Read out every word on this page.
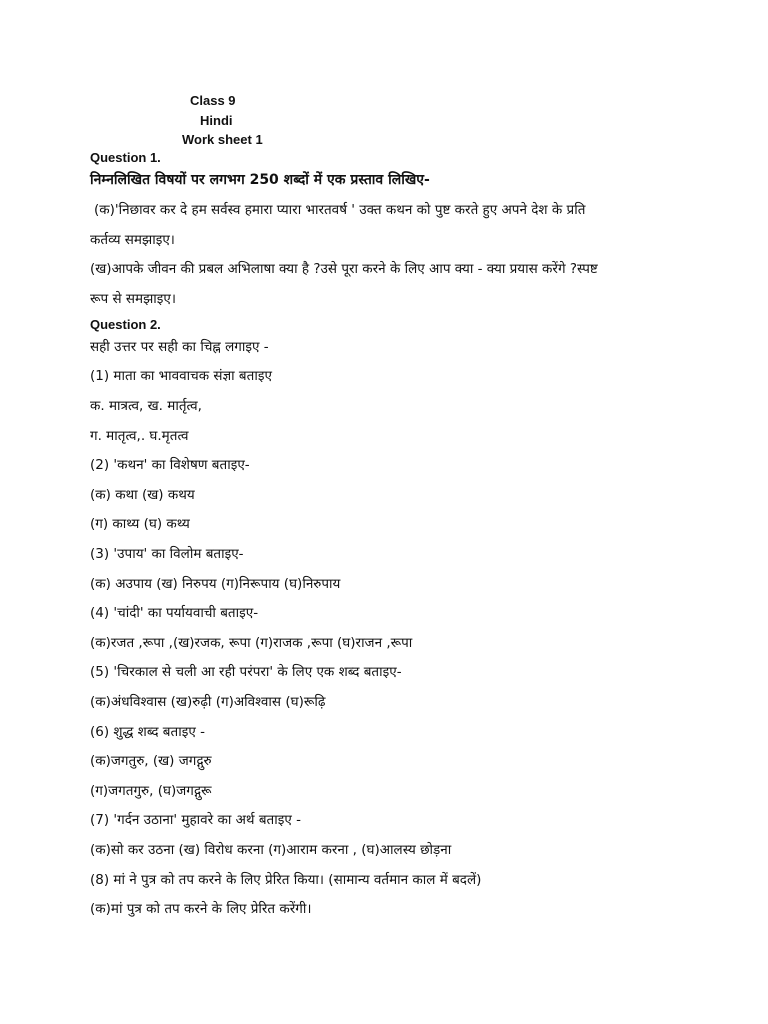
Class 9
Hindi
Work sheet 1
Question 1.
निम्नलिखित विषयों पर लगभग 250 शब्दों में एक प्रस्ताव लिखिए-
(क)'निछावर कर दे हम सर्वस्व हमारा प्यारा भारतवर्ष ' उक्त कथन को पुष्ट करते हुए अपने देश के प्रति
कर्तव्य समझाइए।
(ख)आपके जीवन की प्रबल अभिलाषा क्या है ?उसे पूरा करने के लिए आप क्या - क्या प्रयास करेंगे ?स्पष्ट
रूप से समझाइए।
Question 2.
सही उत्तर पर सही का चिह्न लगाइए -
(1) माता का भाववाचक संज्ञा बताइए
क. मात्रत्व, ख. मार्तृत्व,
ग. मातृत्व,. घ.मृतत्व
(2) 'कथन' का विशेषण बताइए-
(क) कथा (ख) कथय
(ग) काथ्य (घ) कथ्य
(3) 'उपाय' का विलोम बताइए-
(क) अउपाय (ख) निरुपय (ग)निरूपाय (घ)निरुपाय
(4) 'चांदी' का पर्यायवाची बताइए-
(क)रजत ,रूपा ,(ख)रजक, रूपा (ग)राजक ,रूपा (घ)राजन ,रूपा
(5) 'चिरकाल से चली आ रही परंपरा' के लिए एक शब्द बताइए-
(क)अंधविश्वास (ख)रुढ़ी (ग)अविश्वास (घ)रूढ़ि
(6) शुद्ध शब्द बताइए -
(क)जगतुरु, (ख) जगद्गुरु
(ग)जगतगुरु, (घ)जगद्गुरू
(7) 'गर्दन उठाना' मुहावरे का अर्थ बताइए -
(क)सो कर उठना (ख) विरोध करना (ग)आराम करना , (घ)आलस्य छोड़ना
(8) मां ने पुत्र को तप करने के लिए प्रेरित किया। (सामान्य वर्तमान काल में बदलें)
(क)मां पुत्र को तप करने के लिए प्रेरित करेंगी।
